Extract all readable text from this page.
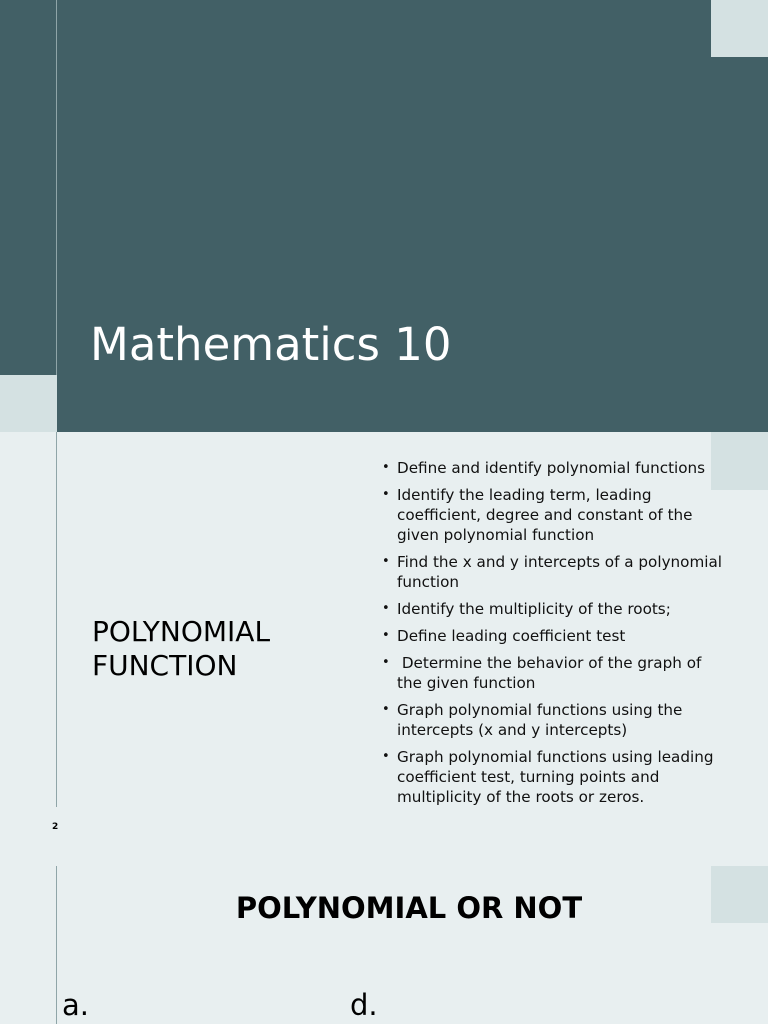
Mathematics 10
POLYNOMIAL
FUNCTION
• Define and identify polynomial functions
• Identify the leading term, leading coefficient, degree and constant of the given polynomial function
• Find the x and y intercepts of a polynomial function
• Identify the multiplicity of the roots;
• Define leading coefficient test
•  Determine the behavior of the graph of the given function
• Graph polynomial functions using the intercepts (x and y intercepts)
• Graph polynomial functions using leading coefficient test, turning points and multiplicity of the roots or zeros.
2
POLYNOMIAL OR NOT

a.	d.
